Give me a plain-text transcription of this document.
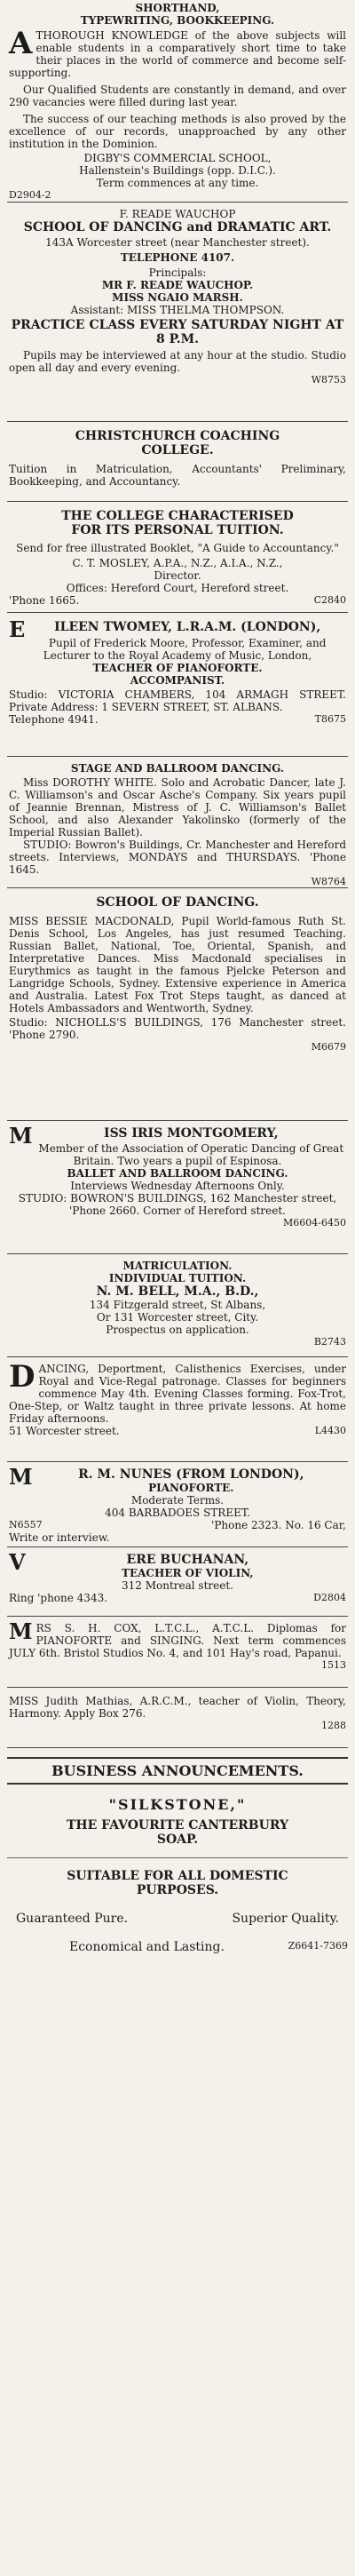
SHORTHAND,

TYPEWRITING, BOOKKEEPING.

ATHOROUGH KNOWLEDGE of the above subjects will enable students in a comparatively short time to take their places in the world of commerce and become self-supporting.

Our Qualified Students are constantly in demand, and over 290 vacancies were filled during last year.

The success of our teaching methods is also proved by the excellence of our records, unapproached by any other institution in the Dominion.

DIGBY'S COMMERCIAL SCHOOL,

Hallenstein's Buildings (opp. D.I.C.).

Term commences at any time.

D2904-2

F. READE WAUCHOP

SCHOOL OF DANCING and DRAMATIC ART.

143A Worcester street (near Manchester street).

TELEPHONE 4107.

Principals:

MR F. READE WAUCHOP.

MISS NGAIO MARSH.

Assistant: MISS THELMA THOMPSON.

PRACTICE CLASS EVERY SATURDAY NIGHT AT 8 P.M.

Pupils may be interviewed at any hour at the studio. Studio open all day and every evening.

W8753

CHRISTCHURCH COACHING

COLLEGE.

Tuition in Matriculation, Accountants' Preliminary, Bookkeeping, and Accountancy.

THE COLLEGE CHARACTERISED

FOR ITS PERSONAL TUITION.

Send for free illustrated Booklet, "A Guide to Accountancy."

C. T. MOSLEY, A.P.A., N.Z., A.I.A., N.Z.,

Director.

Offices: Hereford Court, Hereford street.

'Phone 1665.	C2840

E ILEEN TWOMEY, L.R.A.M. (LONDON),

Pupil of Frederick Moore, Professor, Examiner, and Lecturer to the Royal Academy of Music, London,

TEACHER OF PIANOFORTE.

ACCOMPANIST.

Studio: VICTORIA CHAMBERS, 104 ARMAGH STREET. Private Address: 1 SEVERN STREET, ST. ALBANS.

Telephone 4941.	T8675

STAGE AND BALLROOM DANCING.

Miss DOROTHY WHITE. Solo and Acrobatic Dancer, late J. C. Williamson's and Oscar Asche's Company. Six years pupil of Jeannie Brennan, Mistress of J. C. Williamson's Ballet School, and also Alexander Yakolinsko (formerly of the Imperial Russian Ballet).

STUDIO: Bowron's Buildings, Cr. Manchester and Hereford streets. Interviews, MONDAYS and THURSDAYS. 'Phone 1645.

W8764

SCHOOL OF DANCING.

MISS BESSIE MACDONALD, Pupil World-famous Ruth St. Denis School, Los Angeles, has just resumed Teaching. Russian Ballet, National, Toe, Oriental, Spanish, and Interpretative Dances. Miss Macdonald specialises in Eurythmics as taught in the famous Pjelcke Peterson and Langridge Schools, Sydney. Extensive experience in America and Australia. Latest Fox Trot Steps taught, as danced at Hotels Ambassadors and Wentworth, Sydney.

Studio: NICHOLLS'S BUILDINGS, 176 Manchester street. 'Phone 2790.

M6679

M	ISS IRIS MONTGOMERY,

Member of the Association of Operatic Dancing of Great Britain. Two years a pupil of Espinosa.

BALLET AND BALLROOM DANCING.

Interviews Wednesday Afternoons Only.

STUDIO: BOWRON'S BUILDINGS, 162 Manchester street,

'Phone 2660. Corner of Hereford street.

M6604-6450

MATRICULATION.

INDIVIDUAL TUITION.

N. M. BELL, M.A., B.D.,

134 Fitzgerald street, St Albans,

Or 131 Worcester street, City.

Prospectus on application.

B2743

DANCING, Deportment, Calisthenics Exercises, under Royal and Vice-Regal patronage. Classes for beginners commence May 4th. Evening Classes forming. Fox-Trot, One-Step, or Waltz taught in three private lessons. At home Friday afternoons.

51 Worcester street.	L4430

M	R. M. NUNES (FROM LONDON),

PIANOFORTE.

Moderate Terms.

404 BARBADOES STREET.

N6557	'Phone 2323. No. 16 Car,

Write or interview.

V	ERE BUCHANAN,

TEACHER OF VIOLIN,

312 Montreal street.

Ring 'phone 4343.	D2804

MRS S. H. COX, L.T.C.L., A.T.C.L. Diplomas for PIANOFORTE and SINGING. Next term commences JULY 6th. Bristol Studios No. 4, and 101 Hay's road, Papanui.

1513

MISS Judith Mathias, A.R.C.M., teacher of Violin, Theory, Harmony. Apply Box 276.

1288

BUSINESS ANNOUNCEMENTS.

"SILKSTONE,"

THE FAVOURITE CANTERBURY

SOAP.

SUITABLE FOR ALL DOMESTIC

PURPOSES.

Guaranteed Pure.	Superior Quality.
Economical and Lasting.	Z6641-7369
